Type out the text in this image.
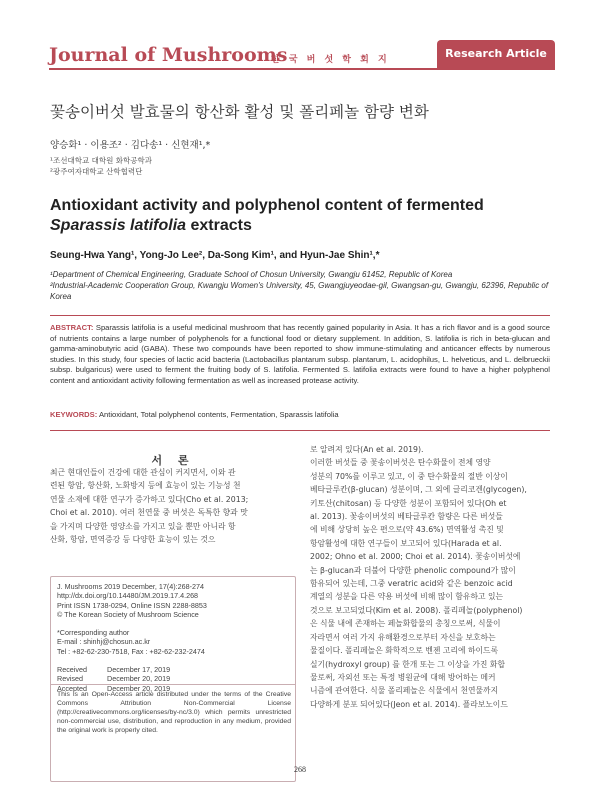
Journal of Mushrooms
한 국 버 섯 학 회 지	Research Article
꽃송이버섯 발효물의 항산화 활성 및 폴리페놀 함량 변화
양승화¹ · 이용조² · 김다송¹ · 신현재¹,*
¹조선대학교 대학원 화학공학과
²광주여자대학교 산학협력단
Antioxidant activity and polyphenol content of fermented
Sparassis latifolia extracts
Seung-Hwa Yang¹, Yong-Jo Lee², Da-Song Kim¹, and Hyun-Jae Shin¹,*

¹Department of Chemical Engineering, Graduate School of Chosun University, Gwangju 61452, Republic of Korea

²Industrial-Academic Cooperation Group, Kwangju Women's University, 45, Gwangjuyeodae-gil, Gwangsan-gu, Gwangju, 62396, Republic of Korea

ABSTRACT: Sparassis latifolia is a useful medicinal mushroom that has recently gained popularity in Asia. It has a rich flavor and is a good source of nutrients contains a large number of polyphenols for a functional food or dietary supplement. In addition, S. latifolia is rich in beta-glucan and gamma-aminobutyric acid (GABA). These two compounds have been reported to show immune-stimulating and anticancer effects by numerous studies. In this study, four species of lactic acid bacteria (Lactobacillus plantarum subsp. plantarum, L. acidophilus, L. helveticus, and L. delbrueckii subsp. bulgaricus) were used to ferment the fruiting body of S. latifolia. Fermented S. latifolia extracts were found to have a higher polyphenol content and antioxidant activity following fermentation as well as increased protease activity.
KEYWORDS: Antioxidant, Total polyphenol contents, Fermentation, Sparassis latifolia
서 론
최근 현대인들이 건강에 대한 관심이 커지면서, 이와 관
련된 항암, 항산화, 노화방지 등에 효능이 있는 기능성 천
연물 소재에 대한 연구가 증가하고 있다(Cho et al. 2013;
Choi et al. 2010). 여러 천연물 중 버섯은 독특한 향과 맛
을 가지며 다양한 영양소를 가지고 있을 뿐만 아니라 항
산화, 항암, 면역증강 등 다양한 효능이 있는 것으

J. Mushrooms 2019 December, 17(4):268-274

http://dx.doi.org/10.14480/JM.2019.17.4.268

Print ISSN 1738-0294, Online ISSN 2288-8853

© The Korean Society of Mushroom Science

*Corresponding author

E-mail : shinhj@chosun.ac.kr

Tel : +82-62-230-7518, Fax : +82-62-232-2474

Received	December 17, 2019
Revised	December 20, 2019
Accepted	December 20, 2019
This is an Open-Access article distributed under the terms of the Creative Commons Attribution Non-Commercial License (http://creativecommons.org/licenses/by-nc/3.0) which permits unrestricted non-commercial use, distribution, and reproduction in any medium, provided the original work is properly cited.
로 알려져 있다(An et al. 2019).
이러한 버섯들 중 꽃송이버섯은 탄수화물이 전체 영양
성분의 70%를 이루고 있고, 이 중 탄수화물의 절반 이상이
베타글루칸(β-glucan) 성분이며, 그 외에 글리코겐(glycogen),
키토산(chitosan) 등 다양한 성분이 포함되어 있다(Oh et
al. 2013). 꽃송이버섯의 베타글루칸 함량은 다른 버섯들
에 비해 상당히 높은 편으로(약 43.6%) 면역활성 촉진 및
항암활성에 대한 연구들이 보고되어 있다(Harada et al.
2002; Ohno et al. 2000; Choi et al. 2014). 꽃송이버섯에
는 β-glucan과 더불어 다양한 phenolic compound가 많이
함유되어 있는데, 그중 veratric acid와 같은 benzoic acid
계열의 성분을 다른 약용 버섯에 비해 많이 함유하고 있는
것으로 보고되었다(Kim et al. 2008). 폴리페놀(polyphenol)
은 식물 내에 존재하는 페놀화합물의 총칭으로써, 식물이
자라면서 여러 가지 유해환경으로부터 자신을 보호하는
물질이다. 폴리페놀은 화학적으로 벤젠 고리에 하이드록
실기(hydroxyl group) 를 한개 또는 그 이상을 가진 화합
물로써, 자외선 또는 특정 병원균에 대해 방어하는 메커
니즘에 관여한다. 식물 폴리페놀은 식물에서 천연물까지
다양하게 분포 되어있다(Jeon et al. 2014). 플라보노이드
268
